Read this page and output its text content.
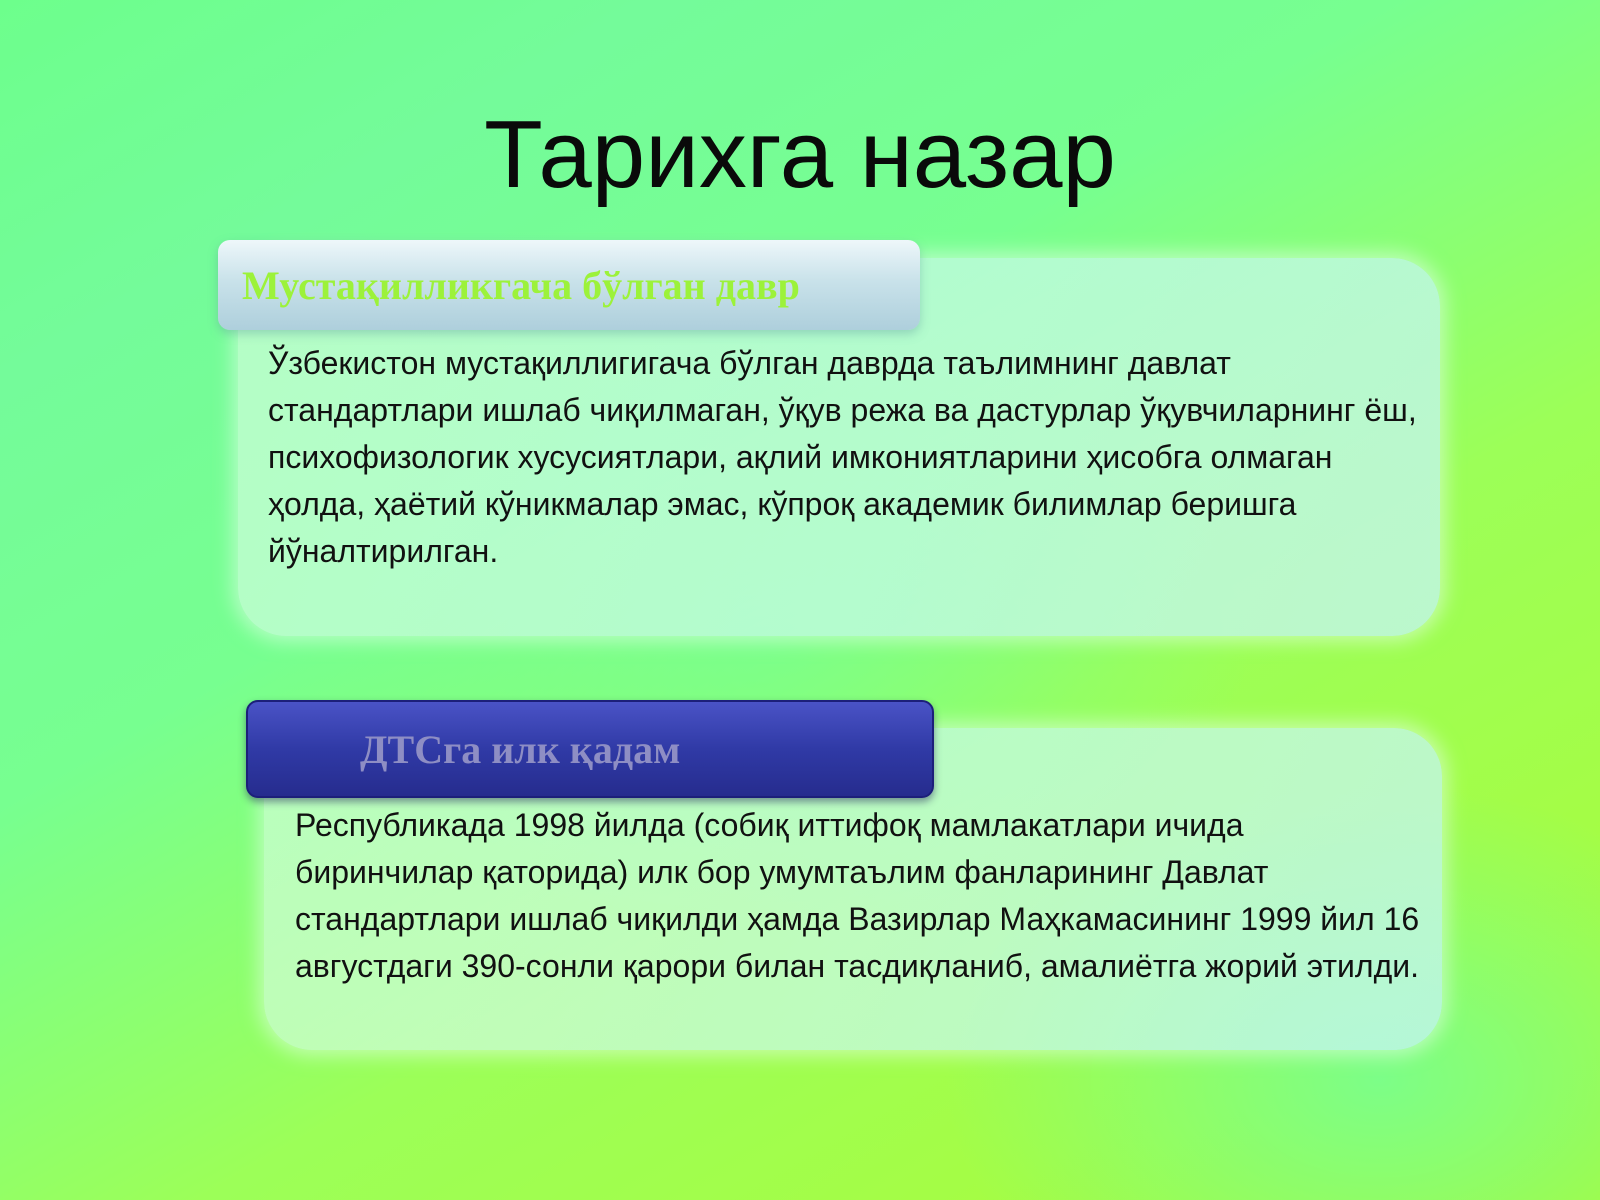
Тарихга назар

Ўзбекистон мустақиллигигача бўлган даврда таълимнинг давлат стандартлари ишлаб чиқилмаган, ўқув режа ва дастурлар ўқувчиларнинг ёш, психофизологик хусусиятлари, ақлий имкониятларини ҳисобга олмаган ҳолда, ҳаётий кўникмалар эмас, кўпроқ академик билимлар беришга йўналтирилган.

Мустақилликгача бўлган давр

Республикада 1998 йилда (собиқ иттифоқ мамлакатлари ичида биринчилар қаторида) илк бор умумтаълим фанларининг Давлат стандартлари ишлаб чиқилди ҳамда Вазирлар Маҳкамасининг 1999 йил 16 августдаги 390-сонли қарори билан тасдиқланиб, амалиётга жорий этилди.

ДТСга илк қадам
